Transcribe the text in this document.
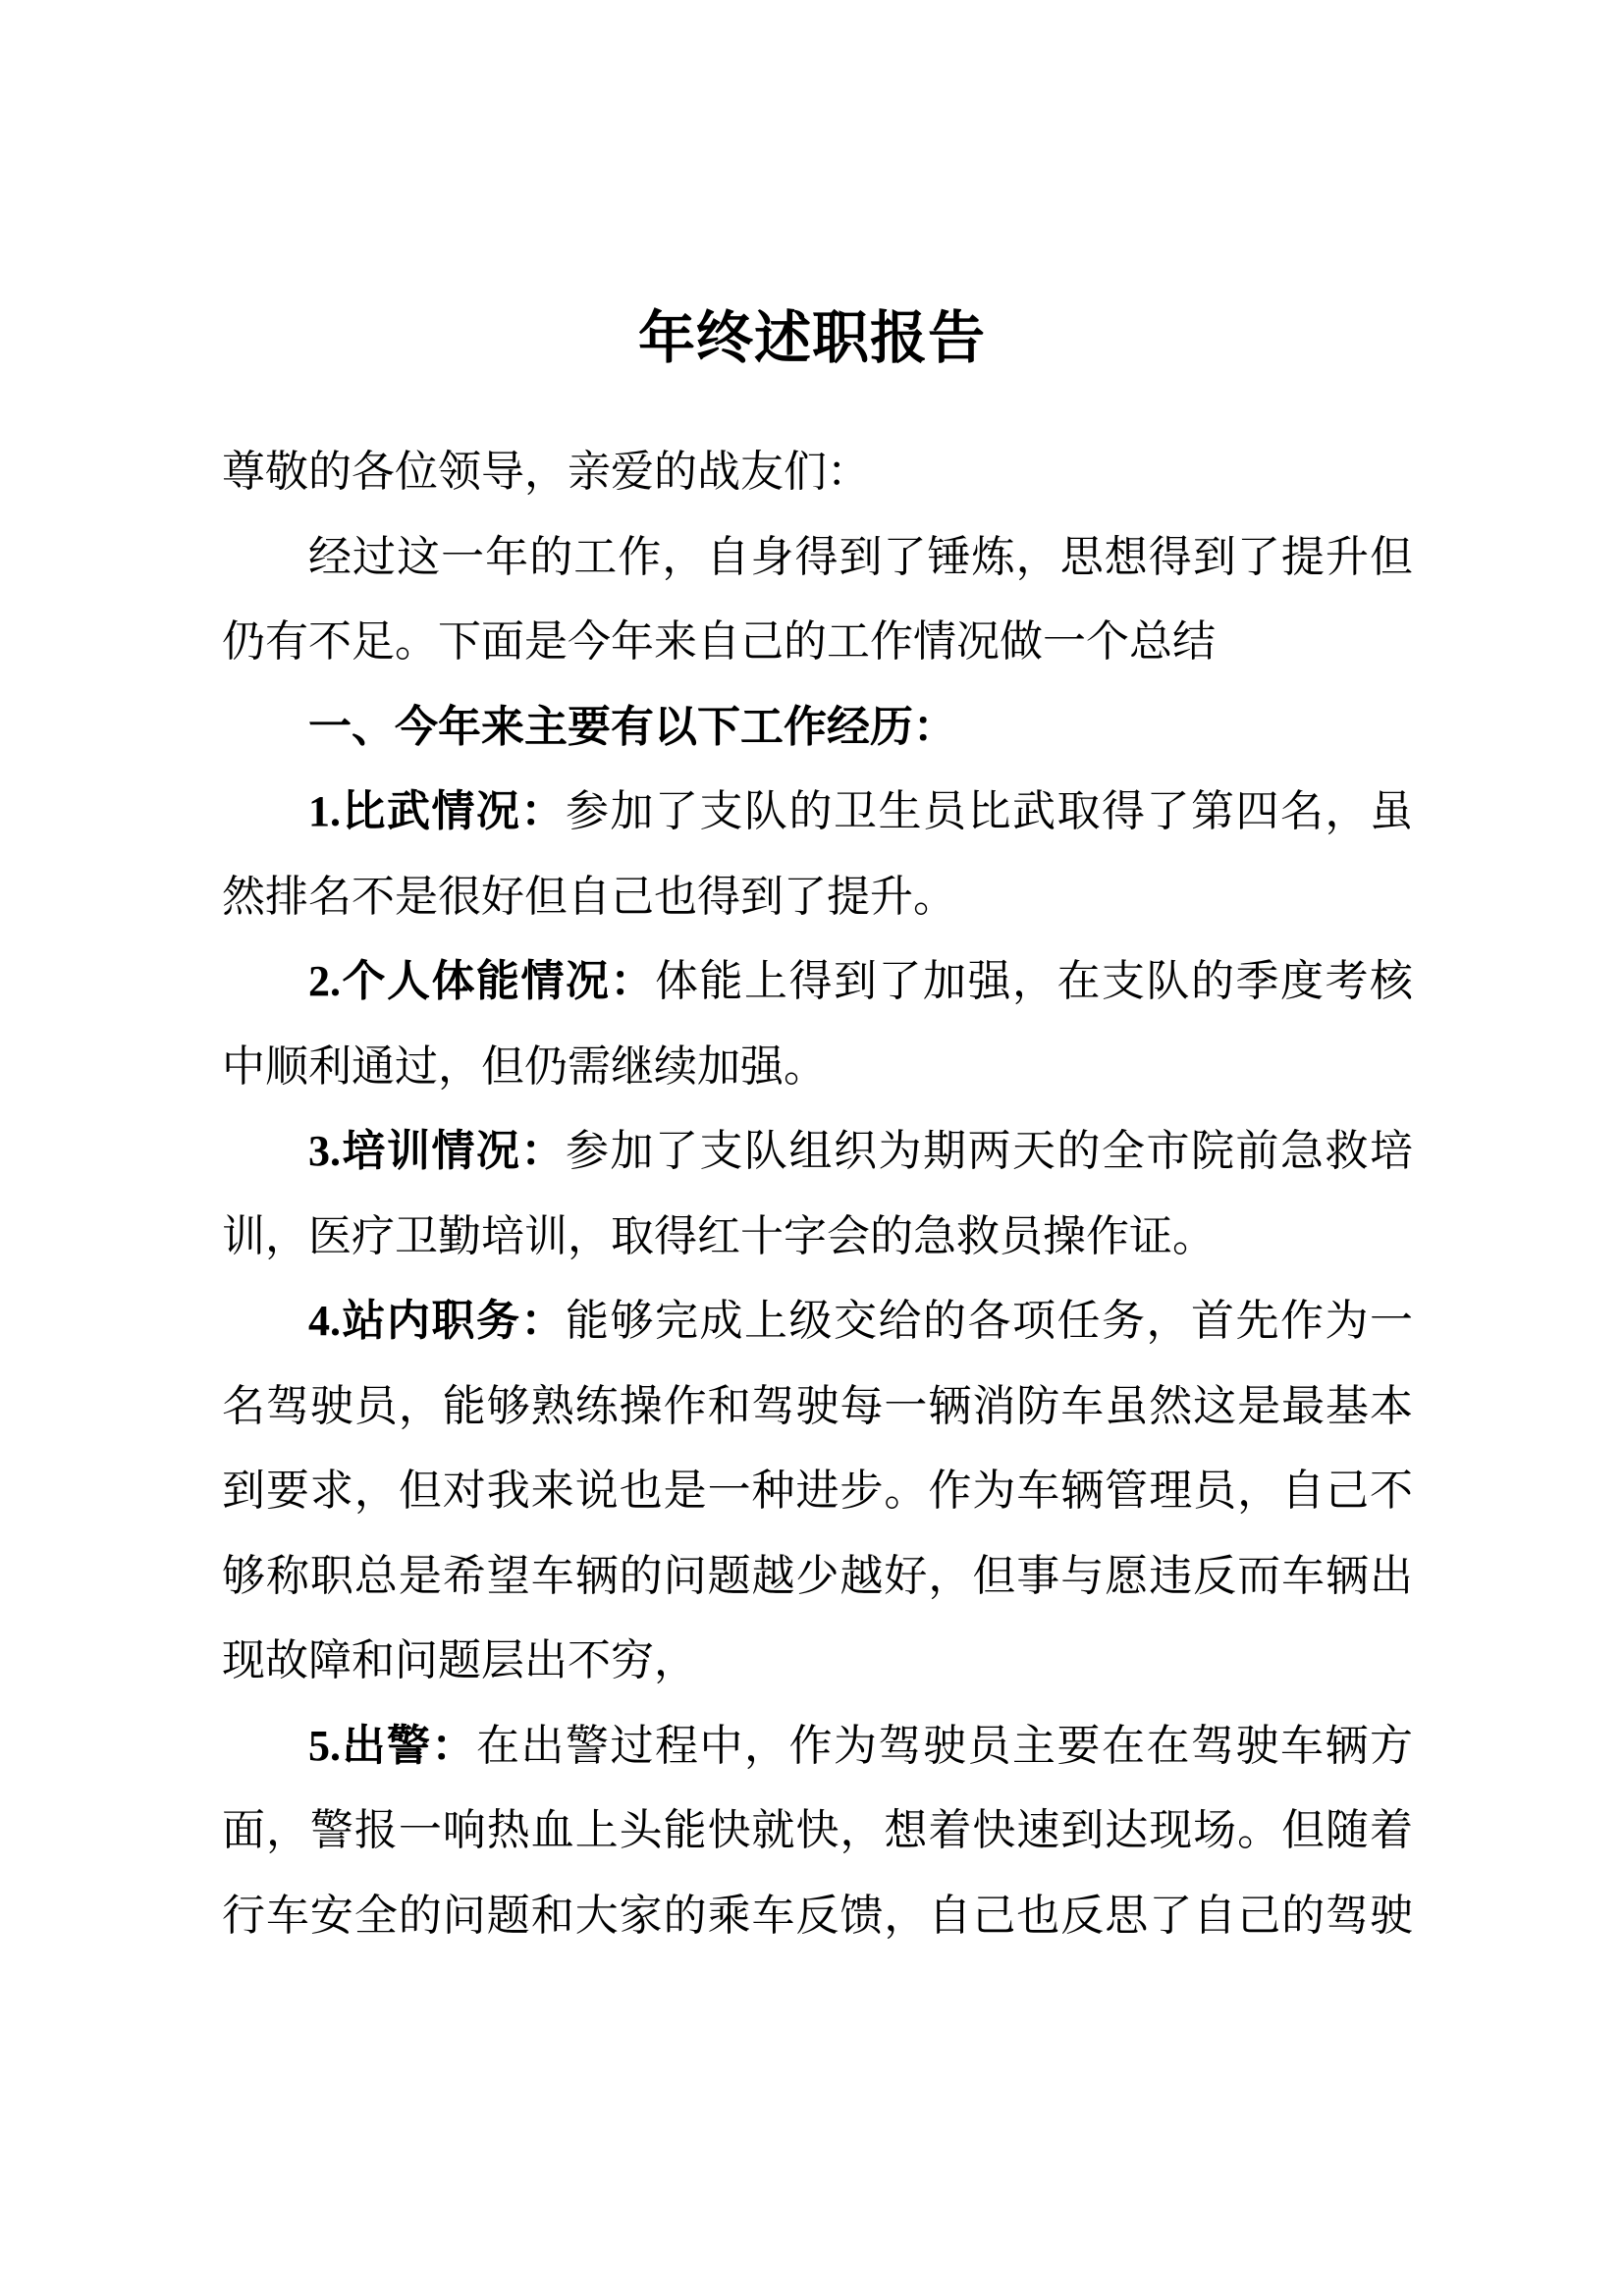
年终述职报告
尊敬的各位领导，亲爱的战友们：
经过这一年的工作，自身得到了锤炼，思想得到了提升但
仍有不足。下面是今年来自己的工作情况做一个总结
一、今年来主要有以下工作经历：
1.比武情况：参加了支队的卫生员比武取得了第四名，虽
然排名不是很好但自己也得到了提升。
2.个人体能情况：体能上得到了加强，在支队的季度考核
中顺利通过，但仍需继续加强。
3.培训情况：参加了支队组织为期两天的全市院前急救培
训，医疗卫勤培训，取得红十字会的急救员操作证。
4.站内职务：能够完成上级交给的各项任务，首先作为一
名驾驶员，能够熟练操作和驾驶每一辆消防车虽然这是最基本
到要求，但对我来说也是一种进步。作为车辆管理员，自己不
够称职总是希望车辆的问题越少越好，但事与愿违反而车辆出
现故障和问题层出不穷，
5.出警：在出警过程中，作为驾驶员主要在在驾驶车辆方
面，警报一响热血上头能快就快，想着快速到达现场。但随着
行车安全的问题和大家的乘车反馈，自己也反思了自己的驾驶
